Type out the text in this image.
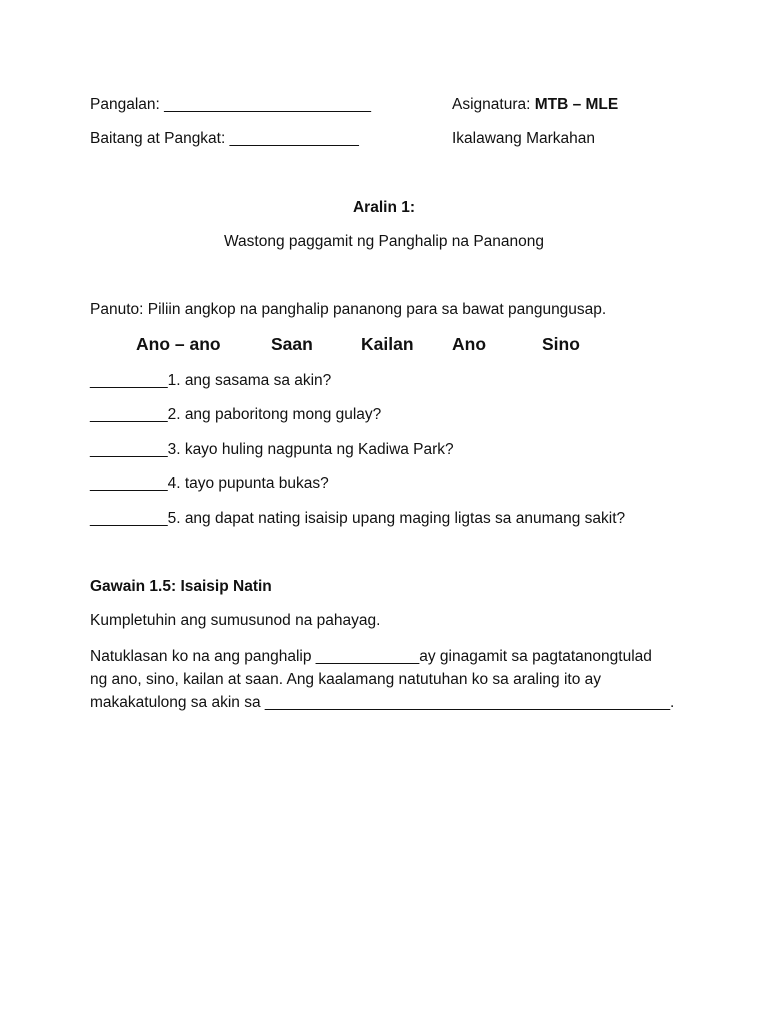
Pangalan: ________________________	Asignatura: MTB – MLE
Baitang at Pangkat: _______________	Ikalawang Markahan
Aralin 1:
Wastong paggamit ng Panghalip na Pananong
Panuto: Piliin angkop na panghalip pananong para sa bawat pangungusap.
Ano – ano	Saan	Kailan Ano	Sino
_________1. ang sasama sa akin?
_________2. ang paboritong mong gulay?
_________3. kayo huling nagpunta ng Kadiwa Park?
_________4. tayo pupunta bukas?
_________5. ang dapat nating isaisip upang maging ligtas sa anumang sakit?
Gawain 1.5: Isaisip Natin
Kumpletuhin ang sumusunod na pahayag.
Natuklasan ko na ang panghalip ____________ay ginagamit sa pagtatanongtulad
ng ano, sino, kailan at saan. Ang kaalamang natutuhan ko sa araling ito ay
makakatulong sa akin sa _______________________________________________.
